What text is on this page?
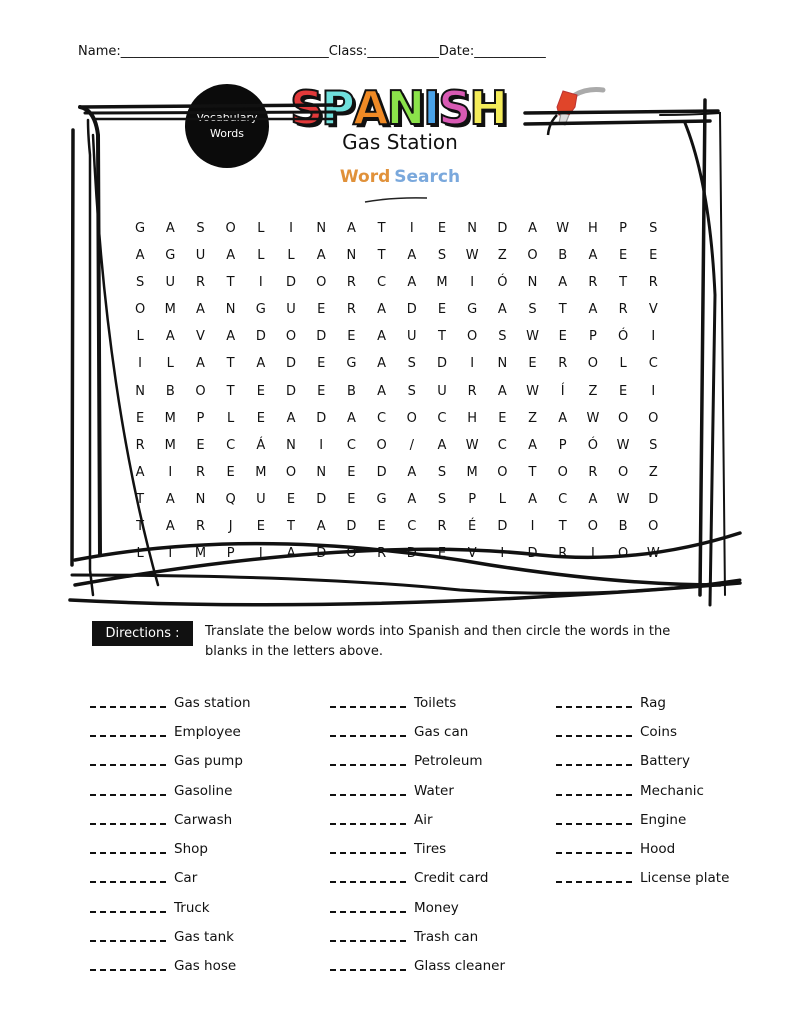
Name:________________________________Class:___________Date:___________
Vocabulary
Words S P A N I S H
Gas Station
Word Search
G	A	S	O	L	I	N	A	T	I	E	N	D	A	W	H	P	S
A	G	U	A	L	L	A	N	T	A	S	W	Z	O	B	A	E	E
S	U	R	T	I	D	O	R	C	A	M	I	Ó	N	A	R	T	R
O	M	A	N	G	U	E	R	A	D	E	G	A	S	T	A	R	V
L	A	V	A	D	O	D	E	A	U	T	O	S	W	E	P	Ó	I
I	L	A	T	A	D	E	G	A	S	D	I	N	E	R	O	L	C
N	B	O	T	E	D	E	B	A	S	U	R	A	W	Í	Z	E	I
E	M	P	L	E	A	D	A	C	O	C	H	E	Z	A	W	O	O
R	M	E	C	Á	N	I	C	O	/	A	W	C	A	P	Ó	W	S
A	I	R	E	M	O	N	E	D	A	S	M	O	T	O	R	O	Z
T	A	N	Q	U	E	D	E	G	A	S	P	L	A	C	A	W	D
T	A	R	J	E	T	A	D	E	C	R	É	D	I	T	O	B	O
L	I	M	P	I	A	D	O	R	D	E	V	I	D	R	I	O	W
Directions :	Translate the below words into Spanish and then circle the words in the blanks in the letters above.
Gas station
Employee
Gas pump
Gasoline
Carwash
Shop
Car
Truck
Gas tank
Gas hose
Toilets
Gas can
Petroleum
Water
Air
Tires
Credit card
Money
Trash can
Glass cleaner
Rag
Coins
Battery
Mechanic
Engine
Hood
License plate
